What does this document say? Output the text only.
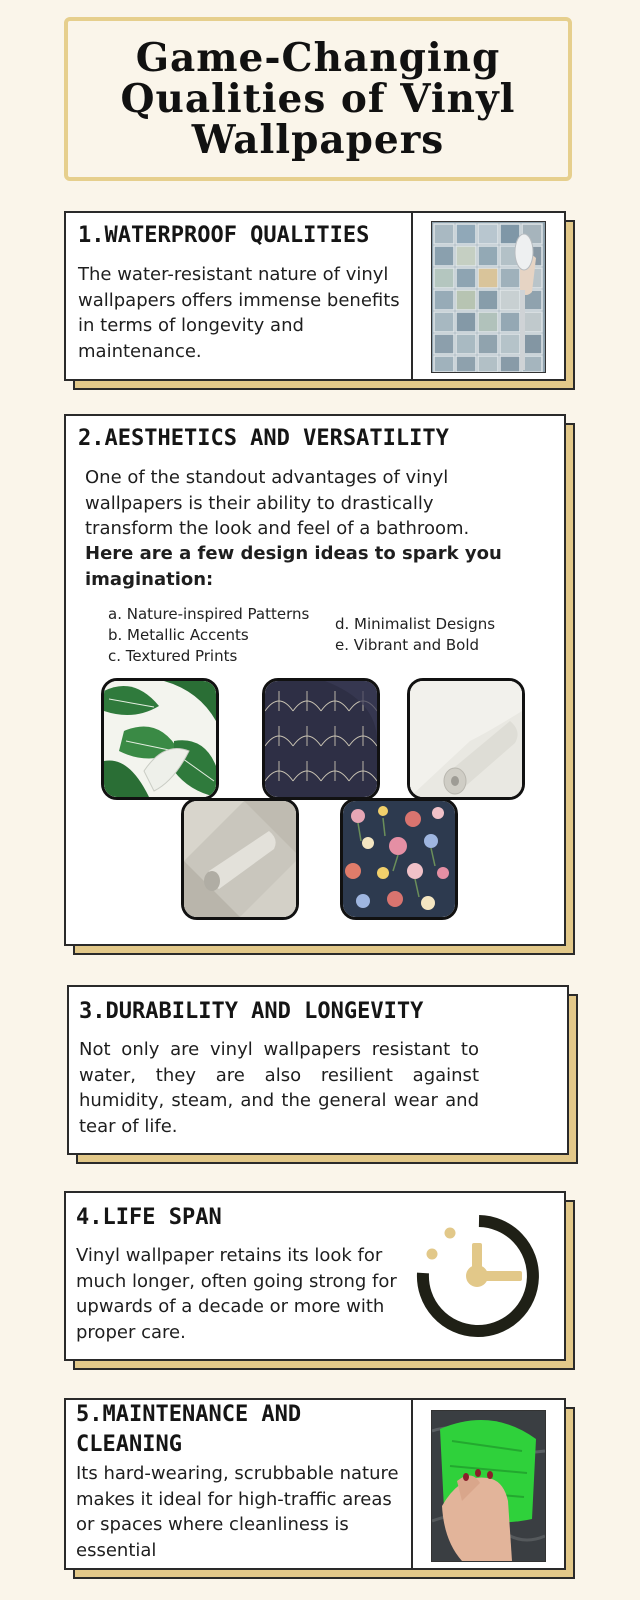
Game-Changing Qualities of Vinyl Wallpapers
1.WATERPROOF QUALITIES

The water-resistant nature of vinyl wallpapers offers immense benefits in terms of longevity and maintenance.

2.AESTHETICS AND VERSATILITY

One of the standout advantages of vinyl wallpapers is their ability to drastically transform the look and feel of a bathroom.

Here are a few design ideas to spark you imagination:

a. Nature-inspired Patterns
b. Metallic Accents
c. Textured Prints
d. Minimalist Designs
e. Vibrant and Bold
3.DURABILITY AND LONGEVITY

Not only are vinyl wallpapers resistant to water, they are also resilient against humidity, steam, and the general wear and tear of life.

4.LIFE SPAN

Vinyl wallpaper retains its look for much longer, often going strong for upwards of a decade or more with proper care.

5.MAINTENANCE AND CLEANING

Its hard-wearing, scrubbable nature makes it ideal for high-traffic areas or spaces where cleanliness is essential
